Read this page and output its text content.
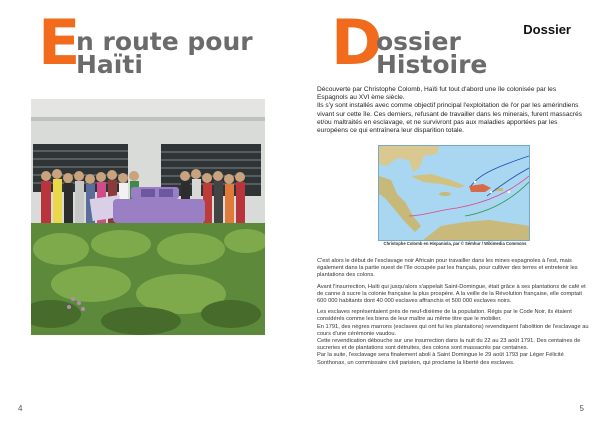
E
n route pour
Haïti
4
Dossier
D
ossier
Histoire

Découverte par Christophe Colomb, Haïti fut tout d'abord une île colonisée par les Espagnols au XVI ème siècle.

Ils s'y sont installés avec comme objectif principal l'exploitation de l'or par les amérindiens vivant sur cette île. Ces derniers, refusant de travailler dans les minerais, furent massacrés et/ou maltraités en esclavage, et ne survivront pas aux maladies apportées par les européens ce qui entraînera leur disparition totale.

Christophe Colomb en Hispaniola, par © Sémhur / Wikimedia Commons

C'est alors le début de l'esclavage noir Africain pour travailler dans les mines espagnoles à l'est, mais également dans la partie ouest de l'île occupée par les français, pour cultiver des terres et entretenir les plantations des colons.

Avant l'insurrection, Haïti qui jusqu'alors s'appelait Saint-Domingue, était grâce à ses plantations de café et de canne à sucre la colonie française la plus prospère. A la veille de la Révolution française, elle comptait 600 000 habitants dont 40 000 esclaves affranchis et 500 000 esclaves noirs.

Les esclaves représentaient près de neuf-dixième de la population. Régis par le Code Noir, ils étaient considérés comme les biens de leur maître au même titre que le mobilier.

En 1791, des nègres marrons (esclaves qui ont fui les plantations) revendiquent l'abolition de l'esclavage au cours d'une cérémonie vaudou.

Cette revendication débouche sur une insurrection dans la nuit du 22 au 23 août 1791. Des centaines de sucreries et de plantations sont détruites, des colons sont massacrés par centaines.

Par la suite, l'esclavage sera finalement aboli à Saint Domingue le 29 août 1793 par Léger Félicité Sonthonax, un commissaire civil parisien, qui proclame la liberté des esclaves.

5
